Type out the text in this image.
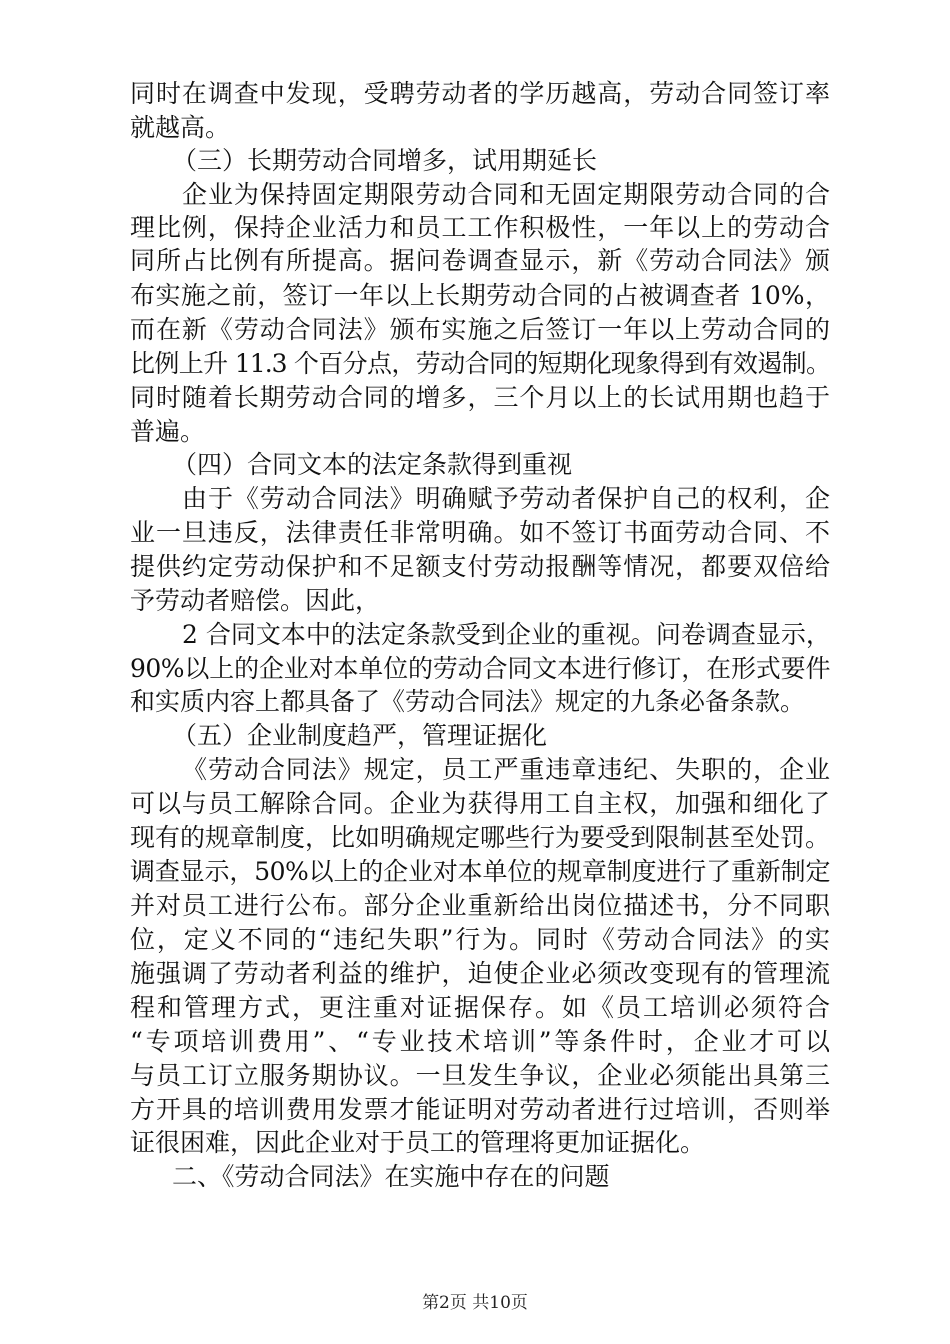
同时在调查中发现，受聘劳动者的学历越高，劳动合同签订率
就越高。
（三）长期劳动合同增多，试用期延长
企业为保持固定期限劳动合同和无固定期限劳动合同的合
理比例，保持企业活力和员工工作积极性，一年以上的劳动合
同所占比例有所提高。据问卷调查显示，新《劳动合同法》颁
布实施之前，签订一年以上长期劳动合同的占被调查者 10%，
而在新《劳动合同法》颁布实施之后签订一年以上劳动合同的
比例上升 11.3 个百分点，劳动合同的短期化现象得到有效遏制。
同时随着长期劳动合同的增多，三个月以上的长试用期也趋于
普遍。
（四）合同文本的法定条款得到重视
由于《劳动合同法》明确赋予劳动者保护自己的权利，企
业一旦违反，法律责任非常明确。如不签订书面劳动合同、不
提供约定劳动保护和不足额支付劳动报酬等情况，都要双倍给
予劳动者赔偿。因此，
2 合同文本中的法定条款受到企业的重视。问卷调查显示，
90%以上的企业对本单位的劳动合同文本进行修订，在形式要件
和实质内容上都具备了《劳动合同法》规定的九条必备条款。
（五）企业制度趋严，管理证据化
《劳动合同法》规定，员工严重违章违纪、失职的，企业
可以与员工解除合同。企业为获得用工自主权，加强和细化了
现有的规章制度，比如明确规定哪些行为要受到限制甚至处罚。
调查显示，50%以上的企业对本单位的规章制度进行了重新制定
并对员工进行公布。部分企业重新给出岗位描述书，分不同职
位，定义不同的“违纪失职”行为。同时《劳动合同法》的实
施强调了劳动者利益的维护，迫使企业必须改变现有的管理流
程和管理方式，更注重对证据保存。如《员工培训必须符合
“专项培训费用”、“专业技术培训”等条件时，企业才可以
与员工订立服务期协议。一旦发生争议，企业必须能出具第三
方开具的培训费用发票才能证明对劳动者进行过培训，否则举
证很困难，因此企业对于员工的管理将更加证据化。
二、《劳动合同法》在实施中存在的问题
第2页 共10页
